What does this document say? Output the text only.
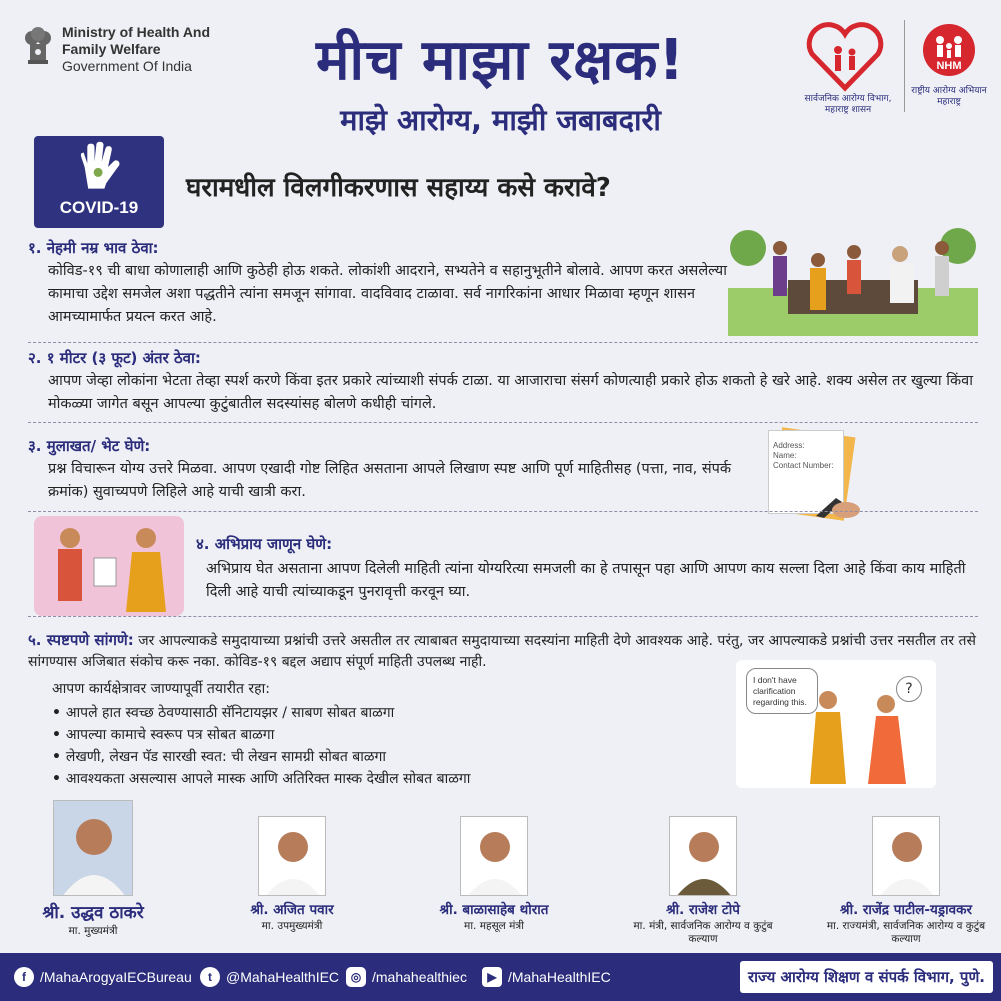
Ministry of Health And
Family Welfare
Government Of India	मीच माझा रक्षक!
माझे आरोग्य, माझी जबाबदारी
सार्वजनिक आरोग्य विभाग,
महाराष्ट्र शासन
NHM
राष्ट्रीय आरोग्य अभियान
महाराष्ट्र
COVID-19
घरामधील विलगीकरणास सहाय्य कसे करावे?
१. नेहमी नम्र भाव ठेवा:
कोविड-१९ ची बाधा कोणालाही आणि कुठेही होऊ शकते. लोकांशी आदराने, सभ्यतेने व सहानुभूतीने बोलावे. आपण करत असलेल्या कामाचा उद्देश समजेल अशा पद्धतीने त्यांना समजून सांगावा. वादविवाद टाळावा. सर्व नागरिकांना आधार मिळावा म्हणून शासन आमच्यामार्फत प्रयत्न करत आहे.
२. १ मीटर (३ फूट) अंतर ठेवा:
आपण जेव्हा लोकांना भेटता तेव्हा स्पर्श करणे किंवा इतर प्रकारे त्यांच्याशी संपर्क टाळा. या आजाराचा संसर्ग कोणत्याही प्रकारे होऊ शकतो हे खरे आहे. शक्य असेल तर खुल्या किंवा मोकळ्या जागेत बसून आपल्या कुटुंबातील सदस्यांसह बोलणे कधीही चांगले.
३. मुलाखत/ भेट घेणे:
प्रश्न विचारून योग्य उत्तरे मिळवा. आपण एखादी गोष्ट लिहित असताना आपले लिखाण स्पष्ट आणि पूर्ण माहितीसह (पत्ता, नाव, संपर्क क्रमांक) सुवाच्यपणे लिहिले आहे याची खात्री करा.
Address:
Name:
Contact Number:
४. अभिप्राय जाणून घेणे:
अभिप्राय घेत असताना आपण दिलेली माहिती त्यांना योग्यरित्या समजली का हे तपासून पहा आणि आपण काय सल्ला दिला आहे किंवा काय माहिती दिली आहे याची त्यांच्याकडून पुनरावृत्ती करवून घ्या.
५. स्पष्टपणे सांगणे: जर आपल्याकडे समुदायाच्या प्रश्नांची उत्तरे असतील तर त्याबाबत समुदायाच्या सदस्यांना माहिती देणे आवश्यक आहे. परंतु, जर आपल्याकडे प्रश्नांची उत्तर नसतील तर तसे सांगण्यास अजिबात संकोच करू नका. कोविड-१९ बद्दल अद्याप संपूर्ण माहिती उपलब्ध नाही.
आपण कार्यक्षेत्रावर जाण्यापूर्वी तयारीत रहा:
• आपले हात स्वच्छ ठेवण्यासाठी सॅनिटायझर / साबण सोबत बाळगा
• आपल्या कामाचे स्वरूप पत्र सोबत बाळगा
• लेखणी, लेखन पॅड सारखी स्वत: ची लेखन सामग्री सोबत बाळगा
• आवश्यकता असल्यास आपले मास्क आणि अतिरिक्त मास्क देखील सोबत बाळगा
I don't have clarification regarding this.
?
श्री. उद्धव ठाकरे
मा. मुख्यमंत्री
श्री. अजित पवार
मा. उपमुख्यमंत्री
श्री. बाळासाहेब थोरात
मा. महसूल मंत्री
श्री. राजेश टोपे
मा. मंत्री, सार्वजनिक आरोग्य व कुटुंब कल्याण
श्री. राजेंद्र पाटील-यड्रावकर
मा. राज्यमंत्री, सार्वजनिक आरोग्य व कुटुंब कल्याण
f	/MahaArogyaIECBureau	t	@MahaHealthIEC ◎ /mahahealthiec	▶ /MahaHealthIEC	राज्य आरोग्य शिक्षण व संपर्क विभाग, पुणे.
